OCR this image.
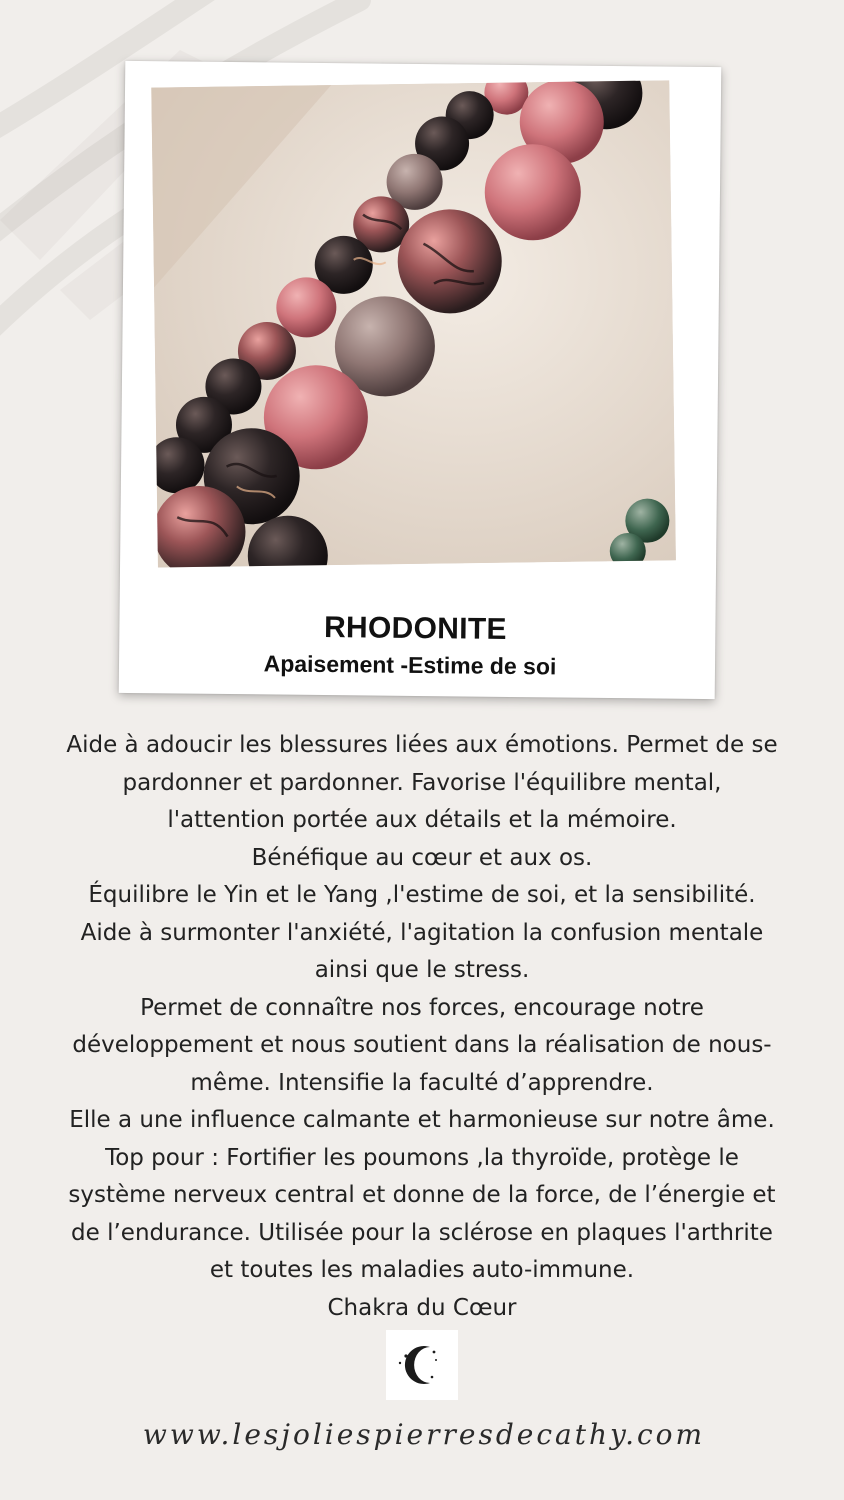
RHODONITE
Apaisement -Estime de soi
Aide à adoucir les blessures liées aux émotions. Permet de se
pardonner et pardonner. Favorise l'équilibre mental,
l'attention portée aux détails et la mémoire.
Bénéfique au cœur et aux os.
Équilibre le Yin et le Yang ,l'estime de soi, et la sensibilité.
Aide à surmonter l'anxiété, l'agitation la confusion mentale
ainsi que le stress.
Permet de connaître nos forces, encourage notre
développement et nous soutient dans la réalisation de nous-
même. Intensifie la faculté d’apprendre.
Elle a une influence calmante et harmonieuse sur notre âme.
Top pour : Fortifier les poumons ,la thyroïde, protège le
système nerveux central et donne de la force, de l’énergie et
de l’endurance. Utilisée pour la sclérose en plaques l'arthrite
et toutes les maladies auto-immune.
Chakra du Cœur
www.lesjoliespierresdecathy.com
